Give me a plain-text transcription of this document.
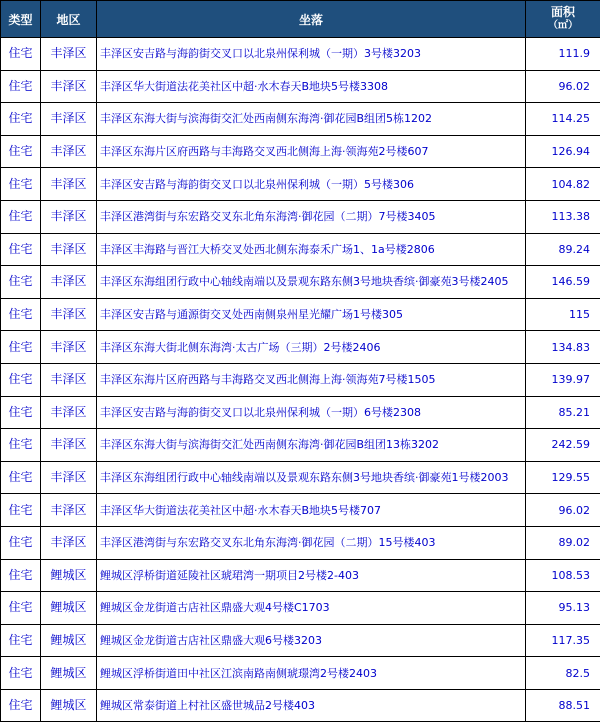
类型	地区	坐落	面积
（㎡）

住宅	丰泽区	丰泽区安吉路与海韵街交叉口以北泉州保利城（一期）3号楼3203	111.9
住宅	丰泽区	丰泽区华大街道法花美社区中超·水木春天B地块5号楼3308	96.02
住宅	丰泽区	丰泽区东海大街与滨海街交汇处西南侧东海湾·御花园B组团5栋1202	114.25
住宅	丰泽区	丰泽区东海片区府西路与丰海路交叉西北侧海上海·领海苑2号楼607	126.94
住宅	丰泽区	丰泽区安吉路与海韵街交叉口以北泉州保利城（一期）5号楼306	104.82
住宅	丰泽区	丰泽区港湾街与东宏路交叉东北角东海湾·御花园（二期）7号楼3405	113.38
住宅	丰泽区	丰泽区丰海路与晋江大桥交叉处西北侧东海泰禾广场1、1a号楼2806	89.24
住宅	丰泽区	丰泽区东海组团行政中心轴线南端以及景观东路东侧3号地块香缤·御豪苑3号楼2405	146.59
住宅	丰泽区	丰泽区安吉路与通源街交叉处西南侧泉州星光耀广场1号楼305	115
住宅	丰泽区	丰泽区东海大街北侧东海湾·太古广场（三期）2号楼2406	134.83
住宅	丰泽区	丰泽区东海片区府西路与丰海路交叉西北侧海上海·领海苑7号楼1505	139.97
住宅	丰泽区	丰泽区安吉路与海韵街交叉口以北泉州保利城（一期）6号楼2308	85.21
住宅	丰泽区	丰泽区东海大街与滨海街交汇处西南侧东海湾·御花园B组团13栋3202	242.59
住宅	丰泽区	丰泽区东海组团行政中心轴线南端以及景观东路东侧3号地块香缤·御豪苑1号楼2003	129.55
住宅	丰泽区	丰泽区华大街道法花美社区中超·水木春天B地块5号楼707	96.02
住宅	丰泽区	丰泽区港湾街与东宏路交叉东北角东海湾·御花园（二期）15号楼403	89.02
住宅	鲤城区	鲤城区浮桥街道延陵社区琥珺湾一期项目2号楼2-403	108.53
住宅	鲤城区	鲤城区金龙街道古店社区鼎盛大观4号楼C1703	95.13
住宅	鲤城区	鲤城区金龙街道古店社区鼎盛大观6号楼3203	117.35
住宅	鲤城区	鲤城区浮桥街道田中社区江滨南路南侧琥璟湾2号楼2403	82.5
住宅	鲤城区	鲤城区常泰街道上村社区盛世城品2号楼403	88.51
